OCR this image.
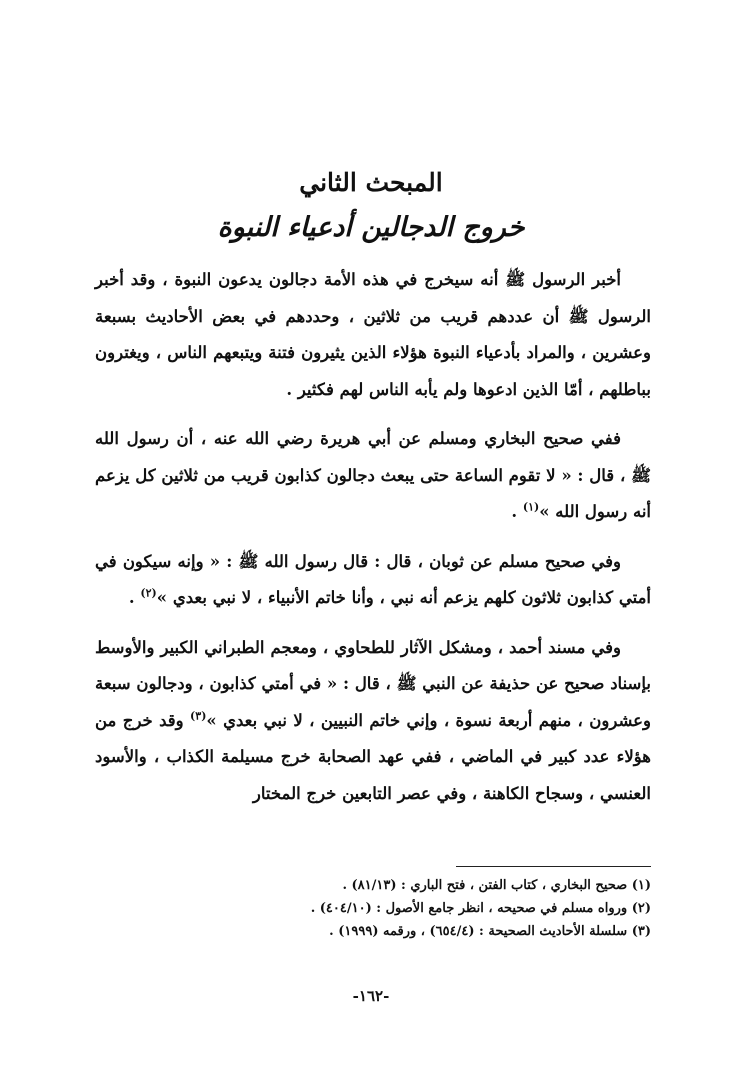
المبحث الثاني
خروج الدجالين أدعياء النبوة

أخبر الرسول ﷺ أنه سيخرج في هذه الأمة دجالون يدعون النبوة ، وقد أخبر الرسول ﷺ أن عددهم قريب من ثلاثين ، وحددهم في بعض الأحاديث بسبعة وعشرين ، والمراد بأدعياء النبوة هؤلاء الذين يثيرون فتنة ويتبعهم الناس ، ويغترون بباطلهم ، أمّا الذين ادعوها ولم يأبه الناس لهم فكثير .

ففي صحيح البخاري ومسلم عن أبي هريرة رضي الله عنه ، أن رسول الله ﷺ ، قال : « لا تقوم الساعة حتى يبعث دجالون كذابون قريب من ثلاثين كل يزعم أنه رسول الله »$^{(١)}$ .

وفي صحيح مسلم عن ثوبان ، قال : قال رسول الله ﷺ : « وإنه سيكون في أمتي كذابون ثلاثون كلهم يزعم أنه نبي ، وأنا خاتم الأنبياء ، لا نبي بعدي »$^{(٢)}$ .

وفي مسند أحمد ، ومشكل الآثار للطحاوي ، ومعجم الطبراني الكبير والأوسط بإسناد صحيح عن حذيفة عن النبي ﷺ ، قال : « في أمتي كذابون ، ودجالون سبعة وعشرون ، منهم أربعة نسوة ، وإني خاتم النبيين ، لا نبي بعدي »$^{(٣)}$ وقد خرج من هؤلاء عدد كبير في الماضي ، ففي عهد الصحابة خرج مسيلمة الكذاب ، والأسود العنسي ، وسجاح الكاهنة ، وفي عصر التابعين خرج المختار

(١) صحيح البخاري ، كتاب الفتن ، فتح الباري : (٨١/١٣) .

(٢) ورواه مسلم في صحيحه ، انظر جامع الأصول : (٤٠٤/١٠) .

(٣) سلسلة الأحاديث الصحيحة : (٦٥٤/٤) ، ورقمه (١٩٩٩) .

-١٦٢-
